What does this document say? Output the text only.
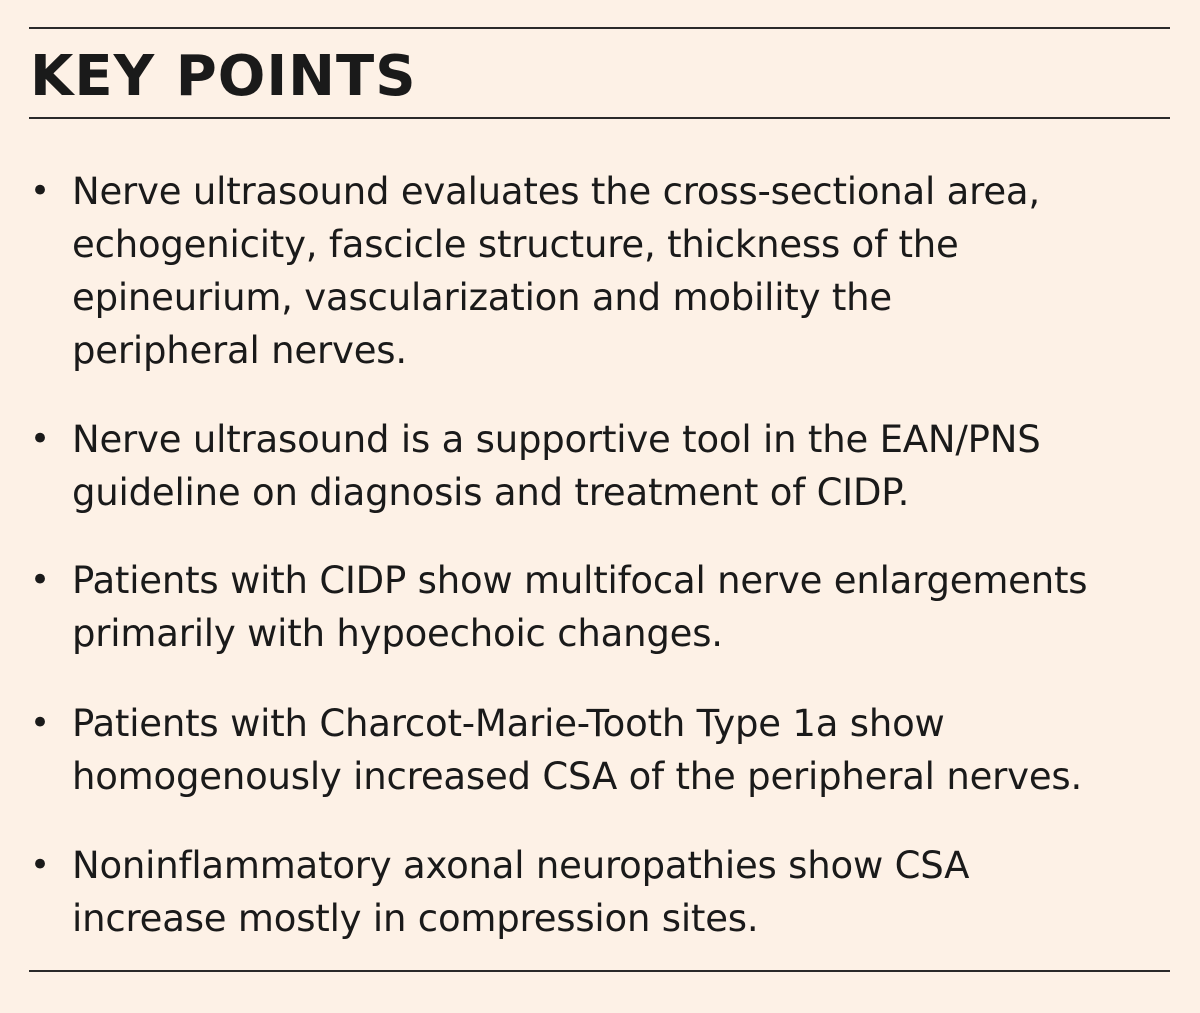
KEY POINTS
• Nerve ultrasound evaluates the cross-sectional area,
echogenicity, fascicle structure, thickness of the
epineurium, vascularization and mobility the
peripheral nerves.
• Nerve ultrasound is a supportive tool in the EAN/PNS
guideline on diagnosis and treatment of CIDP.
• Patients with CIDP show multifocal nerve enlargements
primarily with hypoechoic changes.
• Patients with Charcot-Marie-Tooth Type 1a show
homogenously increased CSA of the peripheral nerves.
• Noninflammatory axonal neuropathies show CSA
increase mostly in compression sites.
